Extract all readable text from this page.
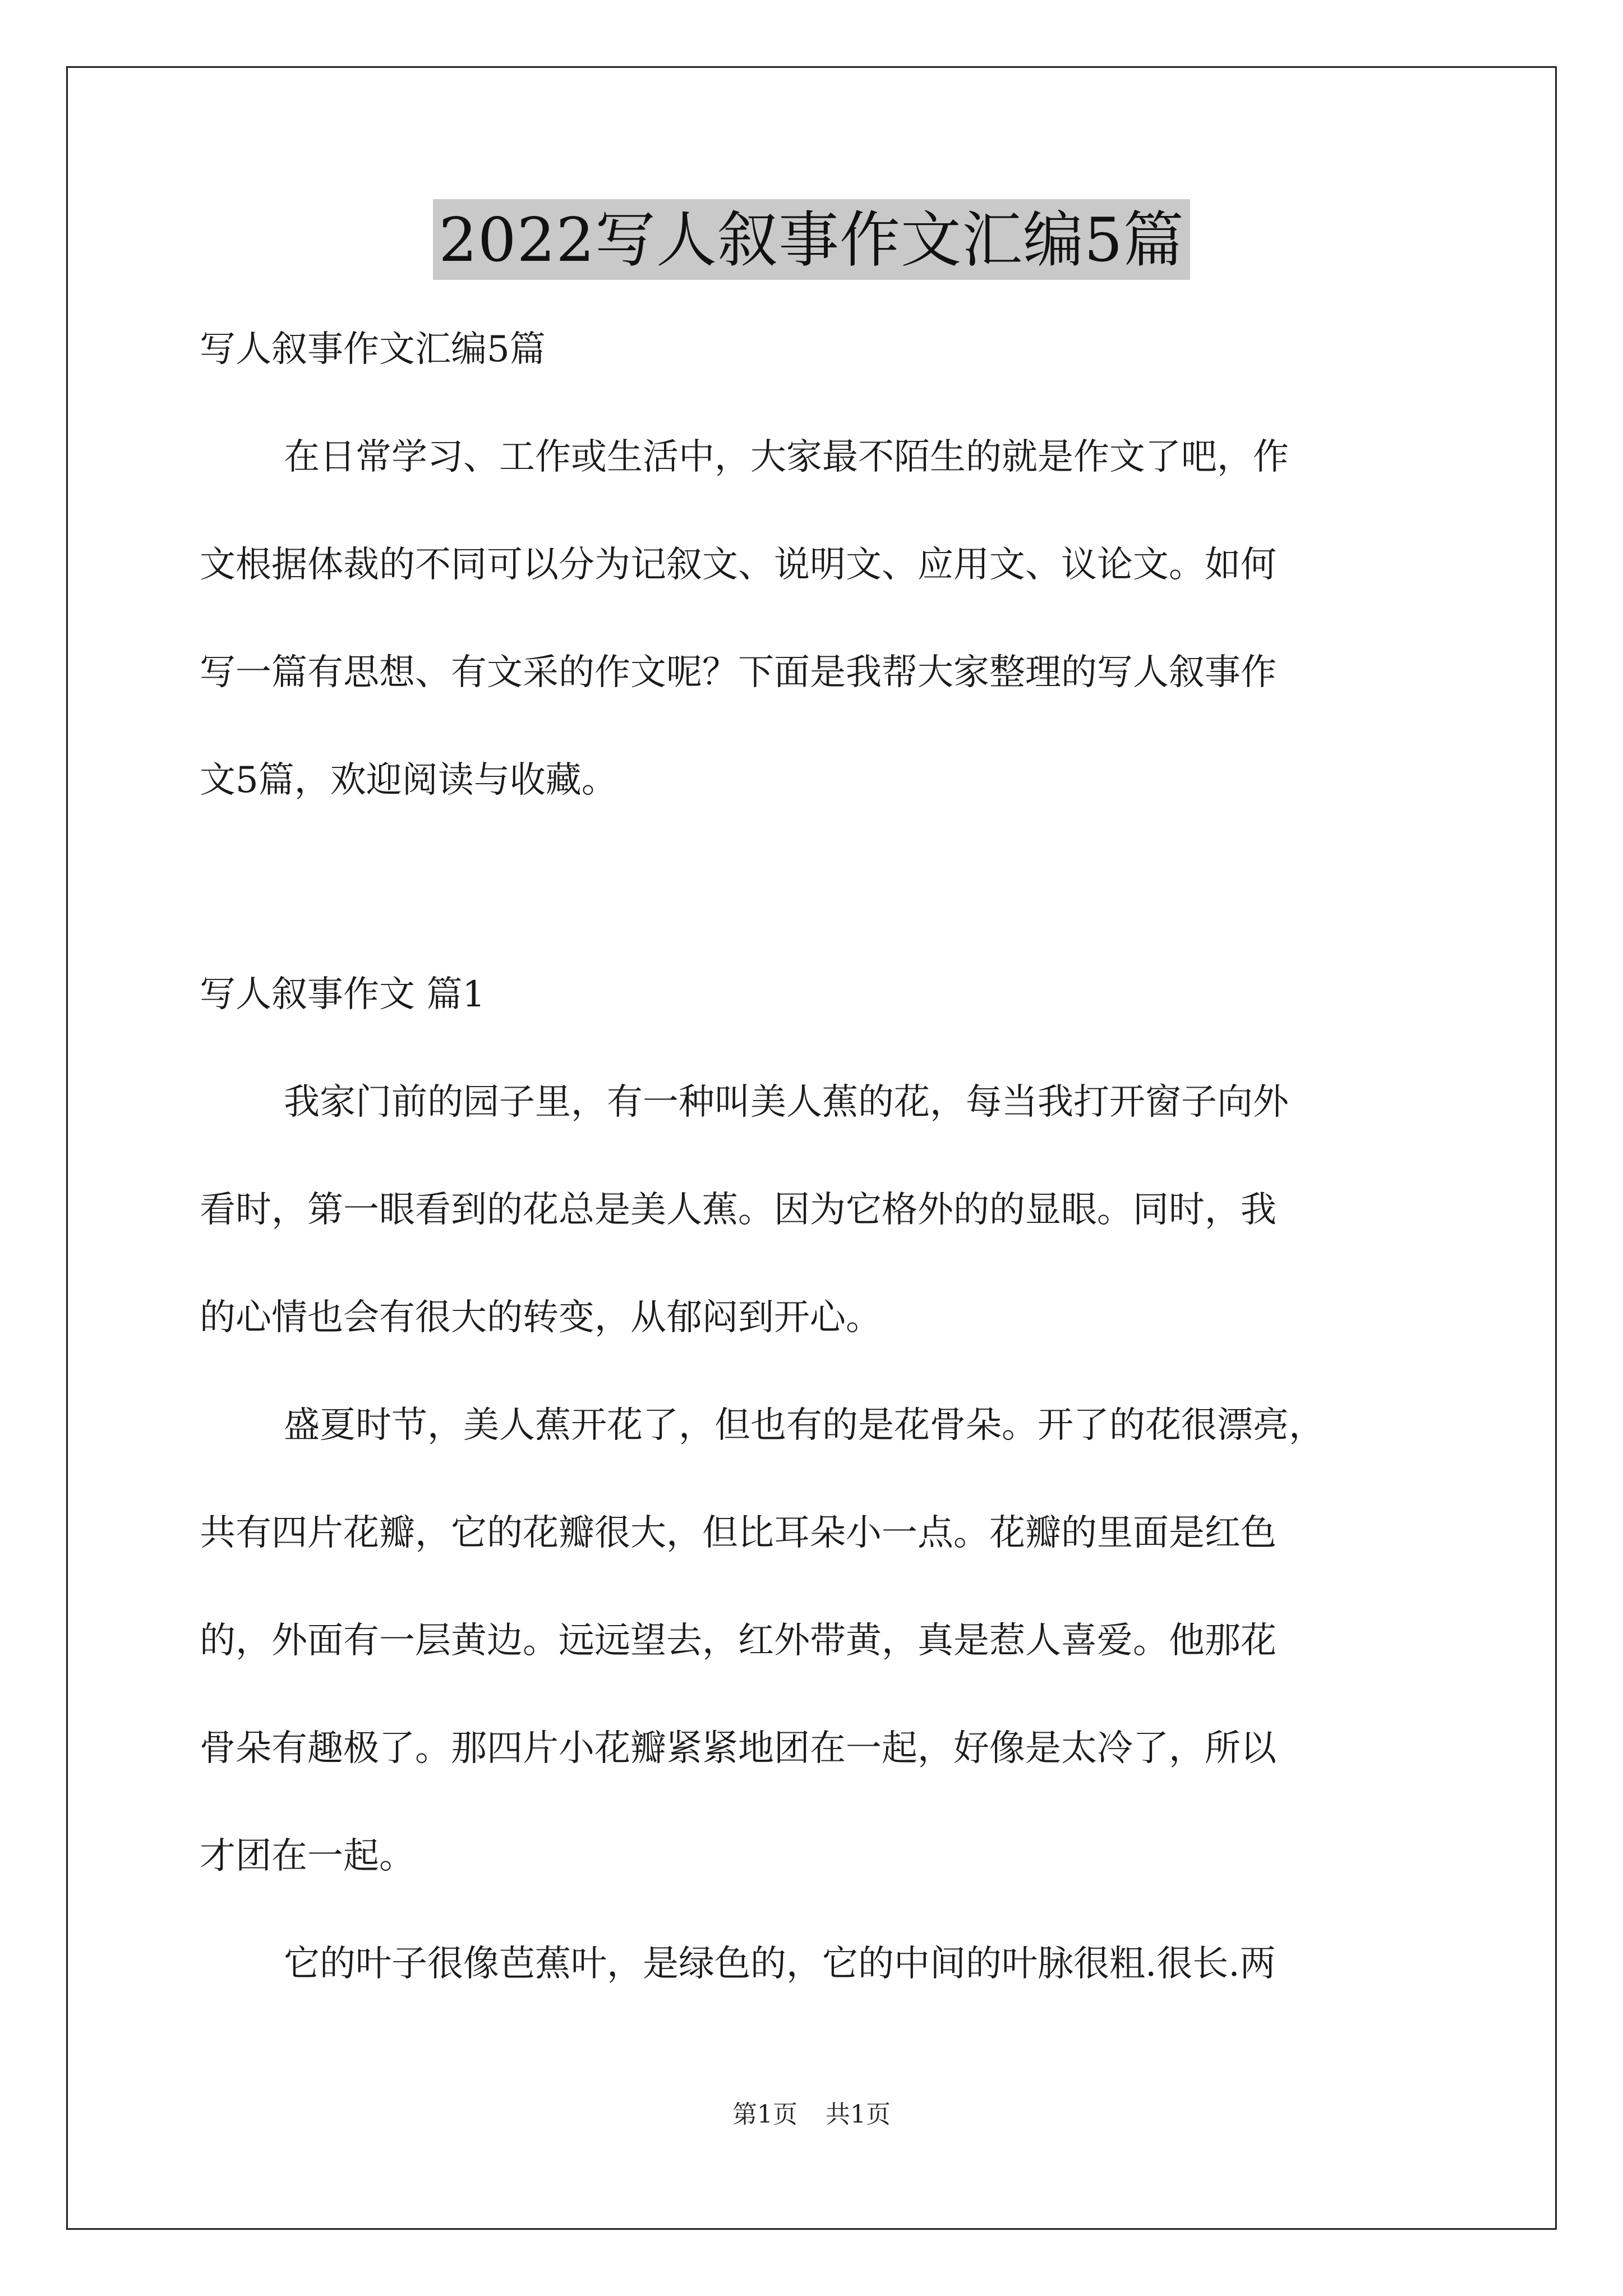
2022写人叙事作文汇编5篇
写人叙事作文汇编5篇
在日常学习、工作或生活中，大家最不陌生的就是作文了吧，作
文根据体裁的不同可以分为记叙文、说明文、应用文、议论文。如何
写一篇有思想、有文采的作文呢？下面是我帮大家整理的写人叙事作
文5篇，欢迎阅读与收藏。
写人叙事作文 篇1
我家门前的园子里，有一种叫美人蕉的花，每当我打开窗子向外
看时，第一眼看到的花总是美人蕉。因为它格外的的显眼。同时，我
的心情也会有很大的转变，从郁闷到开心。
盛夏时节，美人蕉开花了，但也有的是花骨朵。开了的花很漂亮，
共有四片花瓣，它的花瓣很大，但比耳朵小一点。花瓣的里面是红色
的，外面有一层黄边。远远望去，红外带黄，真是惹人喜爱。他那花
骨朵有趣极了。那四片小花瓣紧紧地团在一起，好像是太冷了，所以
才团在一起。
它的叶子很像芭蕉叶，是绿色的，它的中间的叶脉很粗.很长.两
第1页 共1页
